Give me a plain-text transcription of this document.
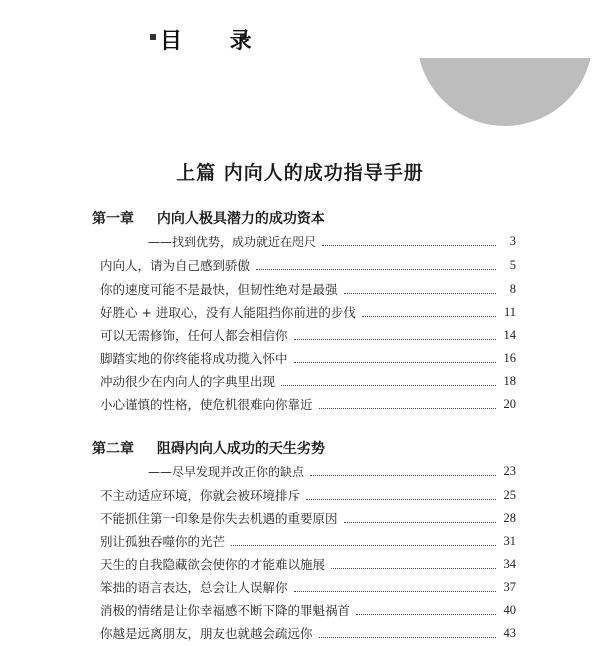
目 录
上篇 内向人的成功指导手册
第一章 内向人极具潜力的成功资本
——找到优势，成功就近在咫尺	3
内向人，请为自己感到骄傲	5
你的速度可能不是最快，但韧性绝对是最强	8
好胜心 + 进取心，没有人能阻挡你前进的步伐	11
可以无需修饰，任何人都会相信你	14
脚踏实地的你终能将成功揽入怀中	16
冲动很少在内向人的字典里出现	18
小心谨慎的性格，使危机很难向你靠近	20
第二章 阻碍内向人成功的天生劣势
——尽早发现并改正你的缺点	23
不主动适应环境，你就会被环境排斥	25
不能抓住第一印象是你失去机遇的重要原因	28
别让孤独吞噬你的光芒	31
天生的自我隐藏欲会使你的才能难以施展	34
笨拙的语言表达，总会让人误解你	37
消极的情绪是让你幸福感不断下降的罪魁祸首	40
你越是远离朋友，朋友也就越会疏远你	43
